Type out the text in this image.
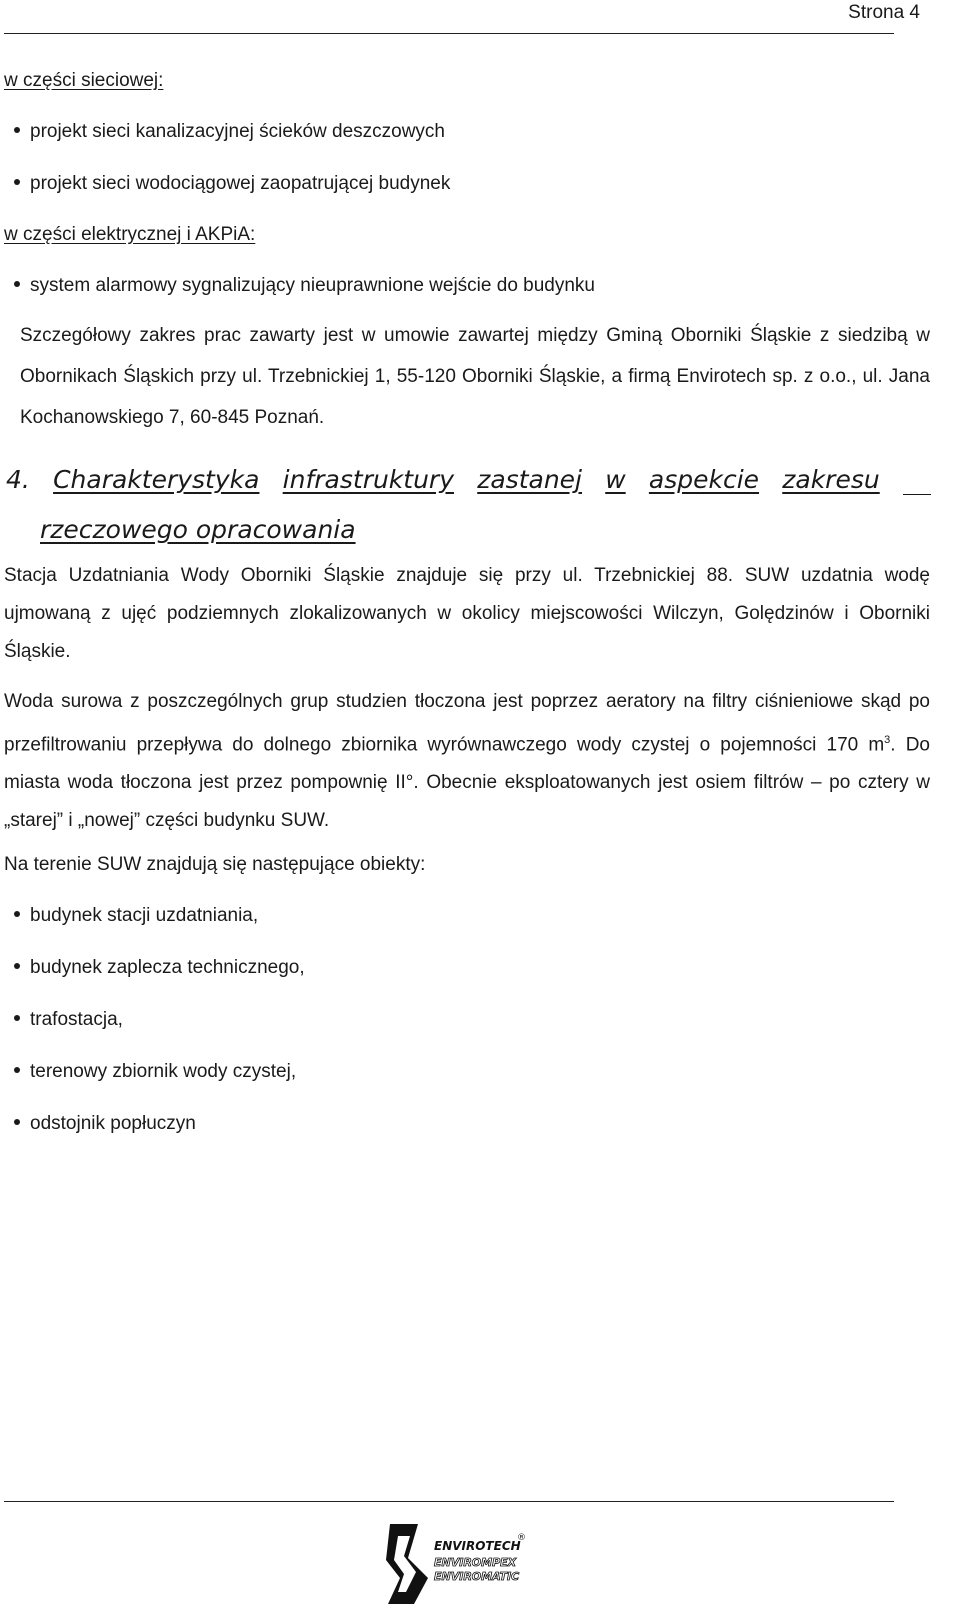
Strona 4
w części sieciowej:
projekt sieci kanalizacyjnej ścieków deszczowych
projekt sieci wodociągowej zaopatrującej budynek
w części elektrycznej i AKPiA:
system alarmowy sygnalizujący nieuprawnione wejście do budynku

Szczegółowy zakres prac zawarty jest w umowie zawartej między Gminą Oborniki Śląskie z siedzibą w Obornikach Śląskich przy ul. Trzebnickiej 1, 55-120 Oborniki Śląskie, a firmą Envirotech sp. z o.o., ul. Jana Kochanowskiego 7, 60-845 Poznań.

4. Charakterystyka infrastruktury zastanej w aspekcie zakresu
rzeczowego opracowania

Stacja Uzdatniania Wody Oborniki Śląskie znajduje się przy ul. Trzebnickiej 88. SUW uzdatnia wodę ujmowaną z ujęć podziemnych zlokalizowanych w okolicy miejscowości Wilczyn, Golędzinów i Oborniki Śląskie.

Woda surowa z poszczególnych grup studzien tłoczona jest poprzez aeratory na filtry ciśnieniowe skąd po przefiltrowaniu przepływa do dolnego zbiornika wyrównawczego wody czystej o pojemności 170 $m^3$. Do miasta woda tłoczona jest przez pompownię II°. Obecnie eksploatowanych jest osiem filtrów – po cztery w „starej” i „nowej” części budynku SUW.

Na terenie SUW znajdują się następujące obiekty:
budynek stacji uzdatniania,
budynek zaplecza technicznego,
trafostacja,
terenowy zbiornik wody czystej,
odstojnik popłuczyn
ENVIROTECH
ENVIROMPEX
ENVIROMATIC
®
